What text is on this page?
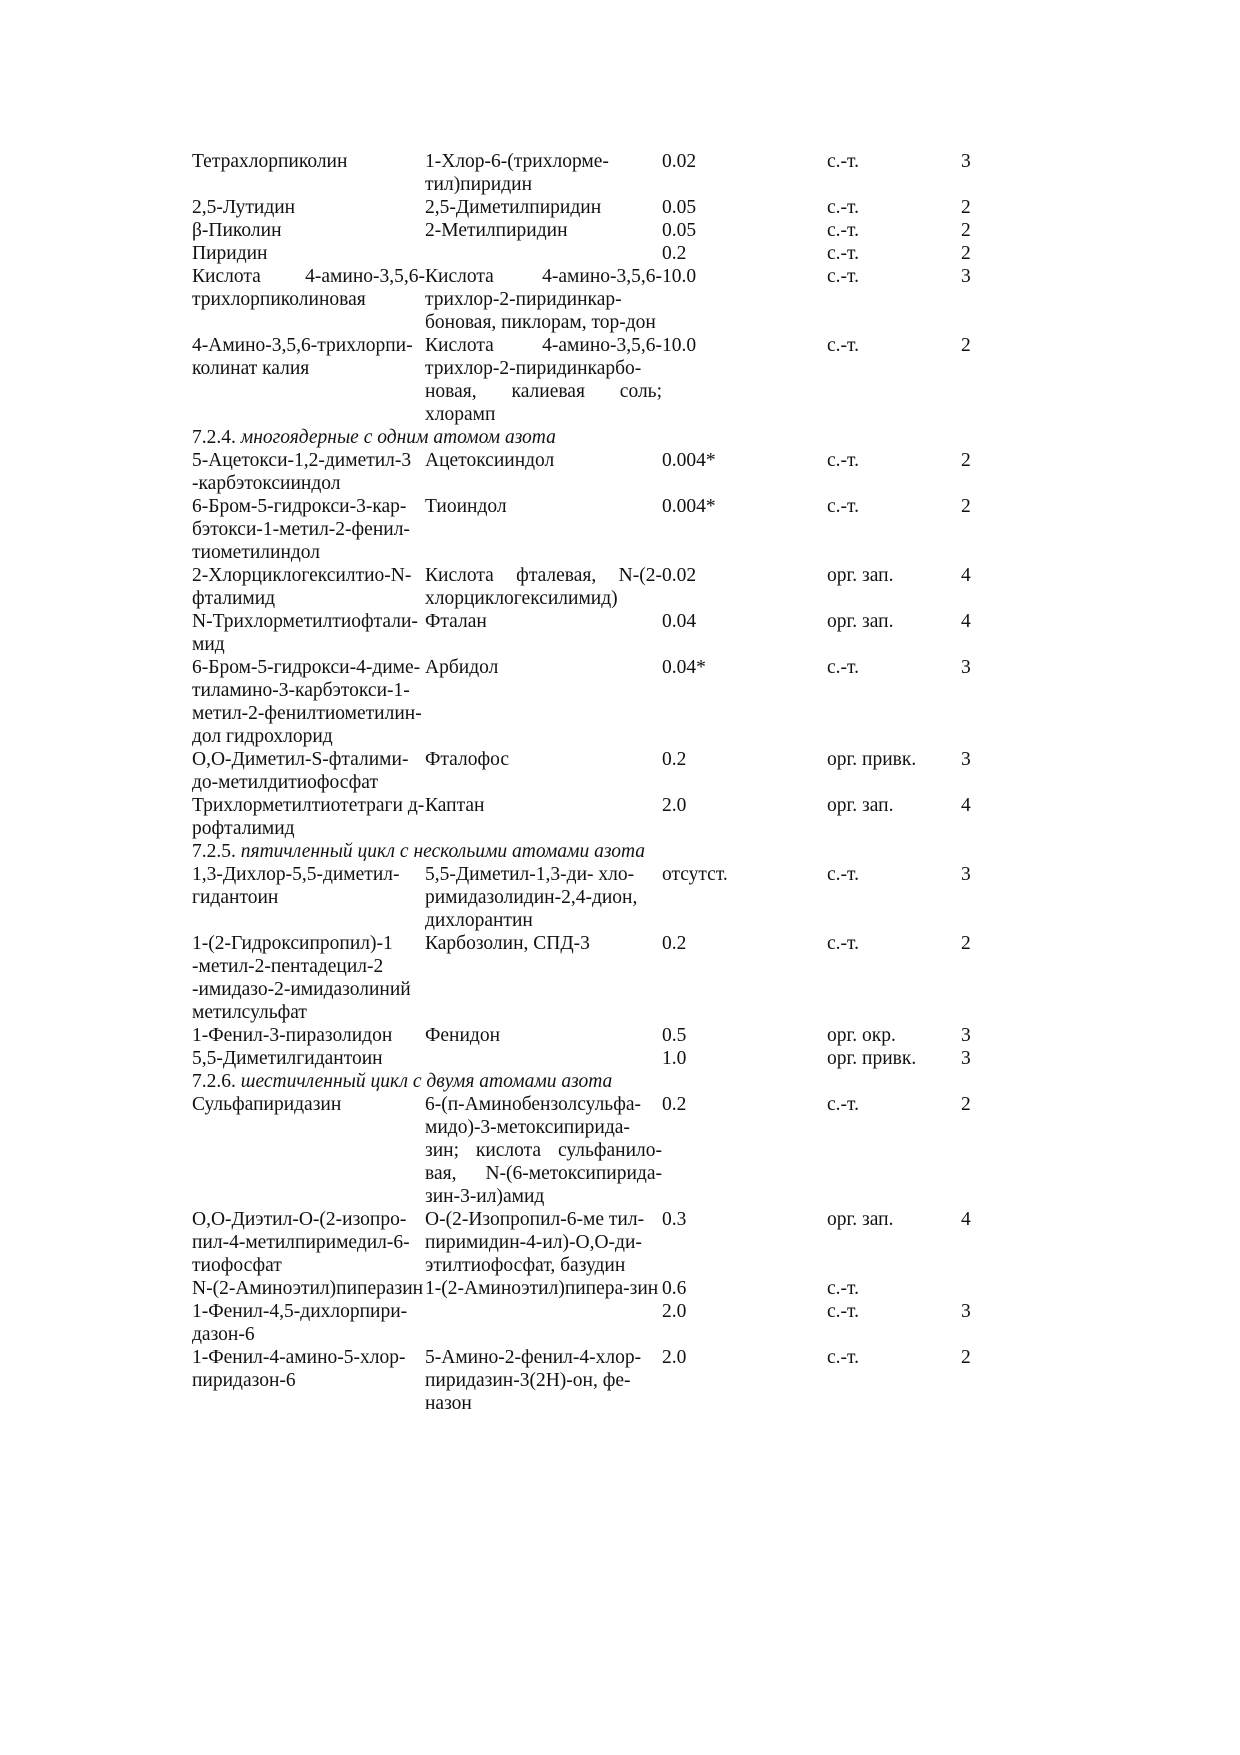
Тетрахлорпиколин	1-Хлор-6-(трихлорме-тил)пиридин	0.02	с.-т.	3
2,5-Лутидин	2,5-Диметилпиридин	0.05	с.-т.	2
β-Пиколин	2-Метилпиридин	0.05	с.-т.	2
Пиридин		0.2	с.-т.	2
Кислота 4-амино-3,5,6-трихлорпиколиновая	Кислота 4-амино-3,5,6-трихлор-2-пиридинкар-боновая, пиклорам, тор-дон	10.0	с.-т.	3
4-Амино-3,5,6-трихлорпи-колинат калия	Кислота 4-амино-3,5,6-трихлор-2-пиридинкарбо-новая, калиевая соль; хлорамп	10.0	с.-т.	2
7.2.4. многоядерные с одним атомом азота				
5-Ацетокси-1,2-диметил-3 -карбэтоксииндол	Ацетоксииндол	0.004*	с.-т.	2
6-Бром-5-гидрокси-3-кар-бэтокси-1-метил-2-фенил-тиометилиндол	Тиоиндол	0.004*	с.-т.	2
2-Хлорциклогексилтио-N-фталимид	Кислота фталевая, N-(2-хлорциклогексилимид)	0.02	орг. зап.	4
N-Трихлорметилтиофтали-мид	Фталан	0.04	орг. зап.	4
6-Бром-5-гидрокси-4-диме-тиламино-3-карбэтокси-1-метил-2-фенилтиометилин-дол гидрохлорид	Арбидол	0.04*	с.-т.	3
О,О-Диметил-S-фталими-до-метилдитиофосфат	Фталофос	0.2	орг. привк.	3
Трихлорметилтиотетраги д-рофталимид	Каптан	2.0	орг. зап.	4
7.2.5. пятичленный цикл с нескольими атомами азота				
1,3-Дихлор-5,5-диметил-гидантоин	5,5-Диметил-1,3-ди- хло-римидазолидин-2,4-дион, дихлорантин	отсутст.	с.-т.	3
1-(2-Гидроксипропил)-1 -метил-2-пентадецил-2 -имидазо-2-имидазолиний метилсульфат	Карбозолин, СПД-3	0.2	с.-т.	2
1-Фенил-3-пиразолидон	Фенидон	0.5	орг. окр.	3
5,5-Диметилгидантоин		1.0	орг. привк.	3
7.2.6. шестичленный цикл с двумя атомами азота				
Сульфапиридазин	6-(п-Аминобензолсульфа-мидо)-3-метоксипирида-зин; кислота сульфанило-вая, N-(6-метоксипирида-зин-3-ил)амид	0.2	с.-т.	2
О,О-Диэтил-О-(2-изопро-пил-4-метилпиримедил-6-тиофосфат	О-(2-Изопропил-6-ме тил-пиримидин-4-ил)-О,О-ди-этилтиофосфат, базудин	0.3	орг. зап.	4
N-(2-Аминоэтил)пиперазин	1-(2-Аминоэтил)пипера-зин	0.6	с.-т.	
1-Фенил-4,5-дихлорпири-дазон-6		2.0	с.-т.	3
1-Фенил-4-амино-5-хлор-пиридазон-6	5-Амино-2-фенил-4-хлор-пиридазин-3(2Н)-он, фе-назон	2.0	с.-т.	2
